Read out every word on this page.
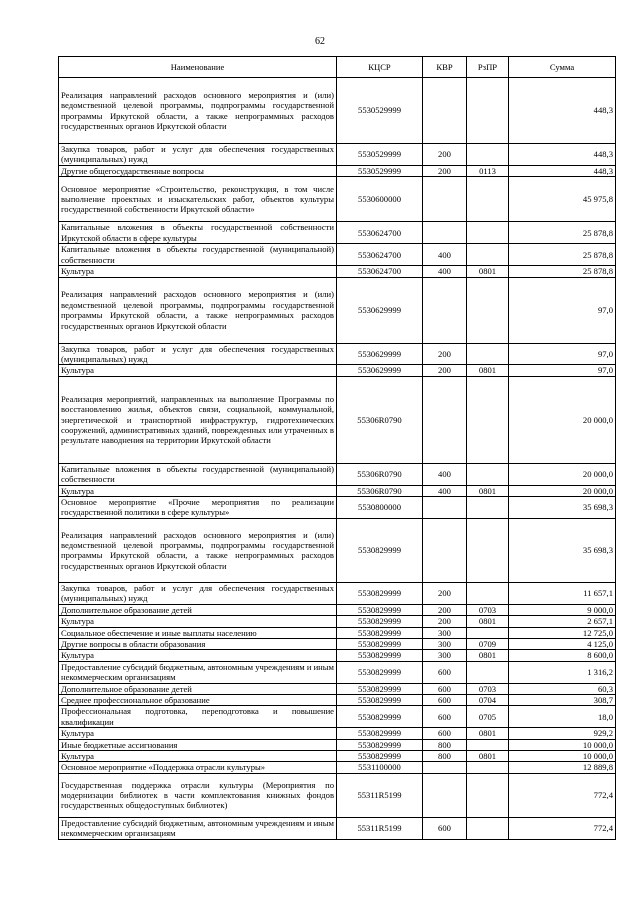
62
Наименование	КЦСР	КВР	РзПР	Сумма
Реализация направлений расходов основного мероприятия и (или) ведомственной целевой программы, подпрограммы государственной программы Иркутской области, а также непрограммных расходов государственных органов Иркутской области	5530529999			448,3
Закупка товаров, работ и услуг для обеспечения государственных (муниципальных) нужд	5530529999	200		448,3
Другие общегосударственные вопросы	5530529999	200	0113	448,3
Основное мероприятие «Строительство, реконструкция, в том числе выполнение проектных и изыскательских работ, объектов культуры государственной собственности Иркутской области»	5530600000			45 975,8
Капитальные вложения в объекты государственной собственности Иркутской области в сфере культуры	5530624700			25 878,8
Капитальные вложения в объекты государственной (муниципальной) собственности	5530624700	400		25 878,8
Культура	5530624700	400	0801	25 878,8
Реализация направлений расходов основного мероприятия и (или) ведомственной целевой программы, подпрограммы государственной программы Иркутской области, а также непрограммных расходов государственных органов Иркутской области	5530629999			97,0
Закупка товаров, работ и услуг для обеспечения государственных (муниципальных) нужд	5530629999	200		97,0
Культура	5530629999	200	0801	97,0
Реализация мероприятий, направленных на выполнение Программы по восстановлению жилья, объектов связи, социальной, коммунальной, энергетической и транспортной инфраструктур, гидротехнических сооружений, административных зданий, поврежденных или утраченных в результате наводнения на территории Иркутской области	55306R0790			20 000,0
Капитальные вложения в объекты государственной (муниципальной) собственности	55306R0790	400		20 000,0
Культура	55306R0790	400	0801	20 000,0
Основное мероприятие «Прочие мероприятия по реализации государственной политики в сфере культуры»	5530800000			35 698,3
Реализация направлений расходов основного мероприятия и (или) ведомственной целевой программы, подпрограммы государственной программы Иркутской области, а также непрограммных расходов государственных органов Иркутской области	5530829999			35 698,3
Закупка товаров, работ и услуг для обеспечения государственных (муниципальных) нужд	5530829999	200		11 657,1
Дополнительное образование детей	5530829999	200	0703	9 000,0
Культура	5530829999	200	0801	2 657,1
Социальное обеспечение и иные выплаты населению	5530829999	300		12 725,0
Другие вопросы в области образования	5530829999	300	0709	4 125,0
Культура	5530829999	300	0801	8 600,0
Предоставление субсидий бюджетным, автономным учреждениям и иным некоммерческим организациям	5530829999	600		1 316,2
Дополнительное образование детей	5530829999	600	0703	60,3
Среднее профессиональное образование	5530829999	600	0704	308,7
Профессиональная подготовка, переподготовка и повышение квалификации	5530829999	600	0705	18,0
Культура	5530829999	600	0801	929,2
Иные бюджетные ассигнования	5530829999	800		10 000,0
Культура	5530829999	800	0801	10 000,0
Основное мероприятие «Поддержка отрасли культуры»	5531100000			12 889,8
Государственная поддержка отрасли культуры (Мероприятия по модернизации библиотек в части комплектования книжных фондов государственных общедоступных библиотек)	55311R5199			772,4
Предоставление субсидий бюджетным, автономным учреждениям и иным некоммерческим организациям	55311R5199	600		772,4
